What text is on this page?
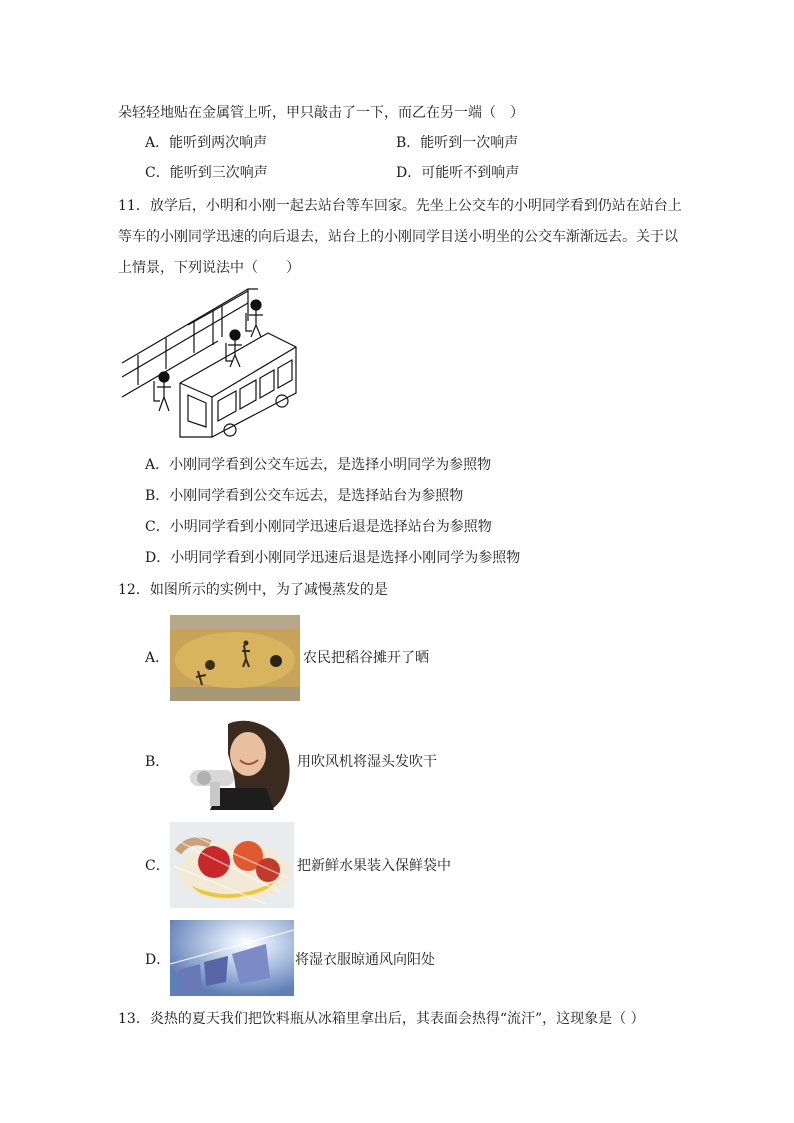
朵轻轻地贴在金属管上听，甲只敲击了一下，而乙在另一端（　）
A．能听到两次响声	B．能听到一次响声
C．能听到三次响声	D．可能听不到响声
11．放学后，小明和小刚一起去站台等车回家。先坐上公交车的小明同学看到仍站在站台上
等车的小刚同学迅速的向后退去，站台上的小刚同学目送小明坐的公交车渐渐远去。关于以
上情景，下列说法中（　　）
A．小刚同学看到公交车远去，是选择小明同学为参照物
B．小刚同学看到公交车远去，是选择站台为参照物
C．小明同学看到小刚同学迅速后退是选择站台为参照物
D．小明同学看到小刚同学迅速后退是选择小刚同学为参照物
12．如图所示的实例中，为了减慢蒸发的是
A．	农民把稻谷摊开了晒
B．	用吹风机将湿头发吹干
C．	把新鲜水果装入保鲜袋中
D．	将湿衣服晾通风向阳处
13．炎热的夏天我们把饮料瓶从冰箱里拿出后，其表面会热得“流汗”，这现象是（ ）
